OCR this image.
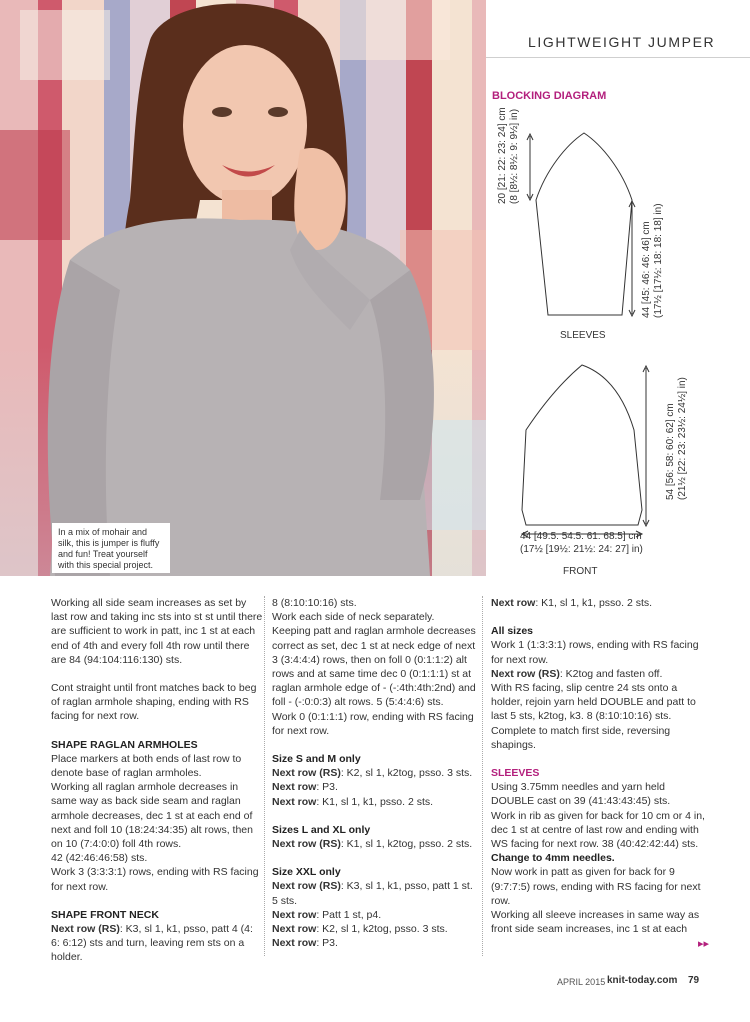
In a mix of mohair and silk, this is jumper is fluffy and fun! Treat yourself with this special project.
LIGHTWEIGHT JUMPER
BLOCKING DIAGRAM
20 [21: 22: 23: 24] cm (8 [8½: 8½: 9: 9½] in)
44 [45: 46: 46: 46] cm (17½ [17½: 18: 18: 18] in)
SLEEVES
54 [56: 58: 60: 62] cm (21½ [22: 23: 23½: 24½] in)
44 [49.5: 54.5: 61: 68.5] cm
(17½ [19½: 21½: 24: 27] in)
FRONT

Working all side seam increases as set by last row and taking inc sts into st st until there are sufficient to work in patt, inc 1 st at each end of 4th and every foll 4th row until there are 84 (94:104:116:130) sts.

Cont straight until front matches back to beg of raglan armhole shaping, ending with RS facing for next row.

SHAPE RAGLAN ARMHOLES
Place markers at both ends of last row to denote base of raglan armholes.
Working all raglan armhole decreases in same way as back side seam and raglan armhole decreases, dec 1 st at each end of next and foll 10 (18:24:34:35) alt rows, then on 10 (7:4:0:0) foll 4th rows.
42 (42:46:46:58) sts.

Work 3 (3:3:3:1) rows, ending with RS facing for next row.

SHAPE FRONT NECK
Next row (RS): K3, sl 1, k1, psso, patt 4 (4: 6: 6:12) sts and turn, leaving rem sts on a holder.
8 (8:10:10:16) sts.
Work each side of neck separately.
Keeping patt and raglan armhole decreases correct as set, dec 1 st at neck edge of next 3 (3:4:4:4) rows, then on foll 0 (0:1:1:2) alt rows and at same time dec 0 (0:1:1:1) st at raglan armhole edge of - (-:4th:4th:2nd) and foll - (-:0:0:3) alt rows. 5 (5:4:4:6) sts.

Work 0 (0:1:1:1) row, ending with RS facing for next row.

Size S and M only
Next row (RS): K2, sl 1, k2tog, psso. 3 sts.
Next row: P3.

Next row: K1, sl 1, k1, psso. 2 sts.

Sizes L and XL only

Next row (RS): K1, sl 1, k2tog, psso. 2 sts.

Size XXL only
Next row (RS): K3, sl 1, k1, psso, patt 1 st. 5 sts.
Next row: Patt 1 st, p4.
Next row: K2, sl 1, k2tog, psso. 3 sts.
Next row: P3.

Next row: K1, sl 1, k1, psso. 2 sts.

All sizes
Work 1 (1:3:3:1) rows, ending with RS facing for next row.
Next row (RS): K2tog and fasten off.
With RS facing, slip centre 24 sts onto a holder, rejoin yarn held DOUBLE and patt to last 5 sts, k2tog, k3. 8 (8:10:10:16) sts.

Complete to match first side, reversing shapings.

SLEEVES
Using 3.75mm needles and yarn held DOUBLE cast on 39 (41:43:43:45) sts.
Work in rib as given for back for 10 cm or 4 in, dec 1 st at centre of last row and ending with WS facing for next row. 38 (40:42:42:44) sts.
Change to 4mm needles.
Now work in patt as given for back for 9 (9:7:7:5) rows, ending with RS facing for next row.
Working all sleeve increases in same way as front side seam increases, inc 1 st at each
▸▸
APRIL 2015 knit-today.com 79
